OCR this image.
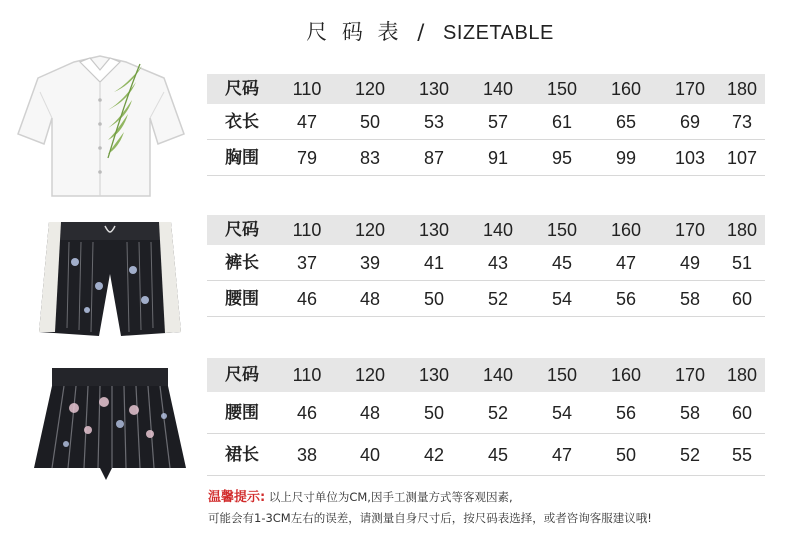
尺 码 表 / SIZETABLE
尺码	110	120	130	140	150	160	170	180
衣长	47	50	53	57	61	65	69	73
胸围	79	83	87	91	95	99	103	107
尺码	110	120	130	140	150	160	170	180
裤长	37	39	41	43	45	47	49	51
腰围	46	48	50	52	54	56	58	60
尺码	110	120	130	140	150	160	170	180
腰围	46	48	50	52	54	56	58	60
裙长	38	40	42	45	47	50	52	55
温馨提示: 以上尺寸单位为CM,因手工测量方式等客观因素,
可能会有1-3CM左右的误差，请测量自身尺寸后，按尺码表选择，或者咨询客服建议哦!
